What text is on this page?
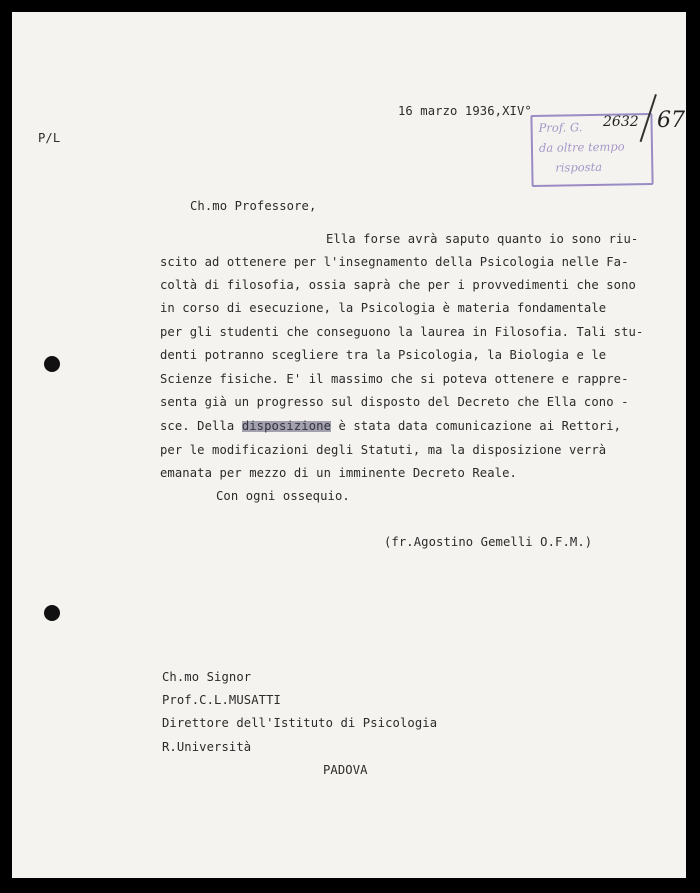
P/L
16 marzo 1936,XIV°
Prof. G.
da oltre tempo
risposta
2632 67
Ch.mo Professore,
Ella forse avrà saputo quanto io sono riu-
scito ad ottenere per l'insegnamento della Psicologia nelle Fa-
coltà di filosofia, ossia saprà che per i provvedimenti che sono
in corso di esecuzione, la Psicologia è materia fondamentale
per gli studenti che conseguono la laurea in Filosofia. Tali stu-
denti potranno scegliere tra la Psicologia, la Biologia e le
Scienze fisiche. E' il massimo che si poteva ottenere e rappre-
senta già un progresso sul disposto del Decreto che Ella cono -
sce. Della disposizione è stata data comunicazione ai Rettori,
per le modificazioni degli Statuti, ma la disposizione verrà
emanata per mezzo di un imminente Decreto Reale.
Con ogni ossequio.
(fr.Agostino Gemelli O.F.M.)
Ch.mo Signor
Prof.C.L.MUSATTI
Direttore dell'Istituto di Psicologia
R.Università
PADOVA
